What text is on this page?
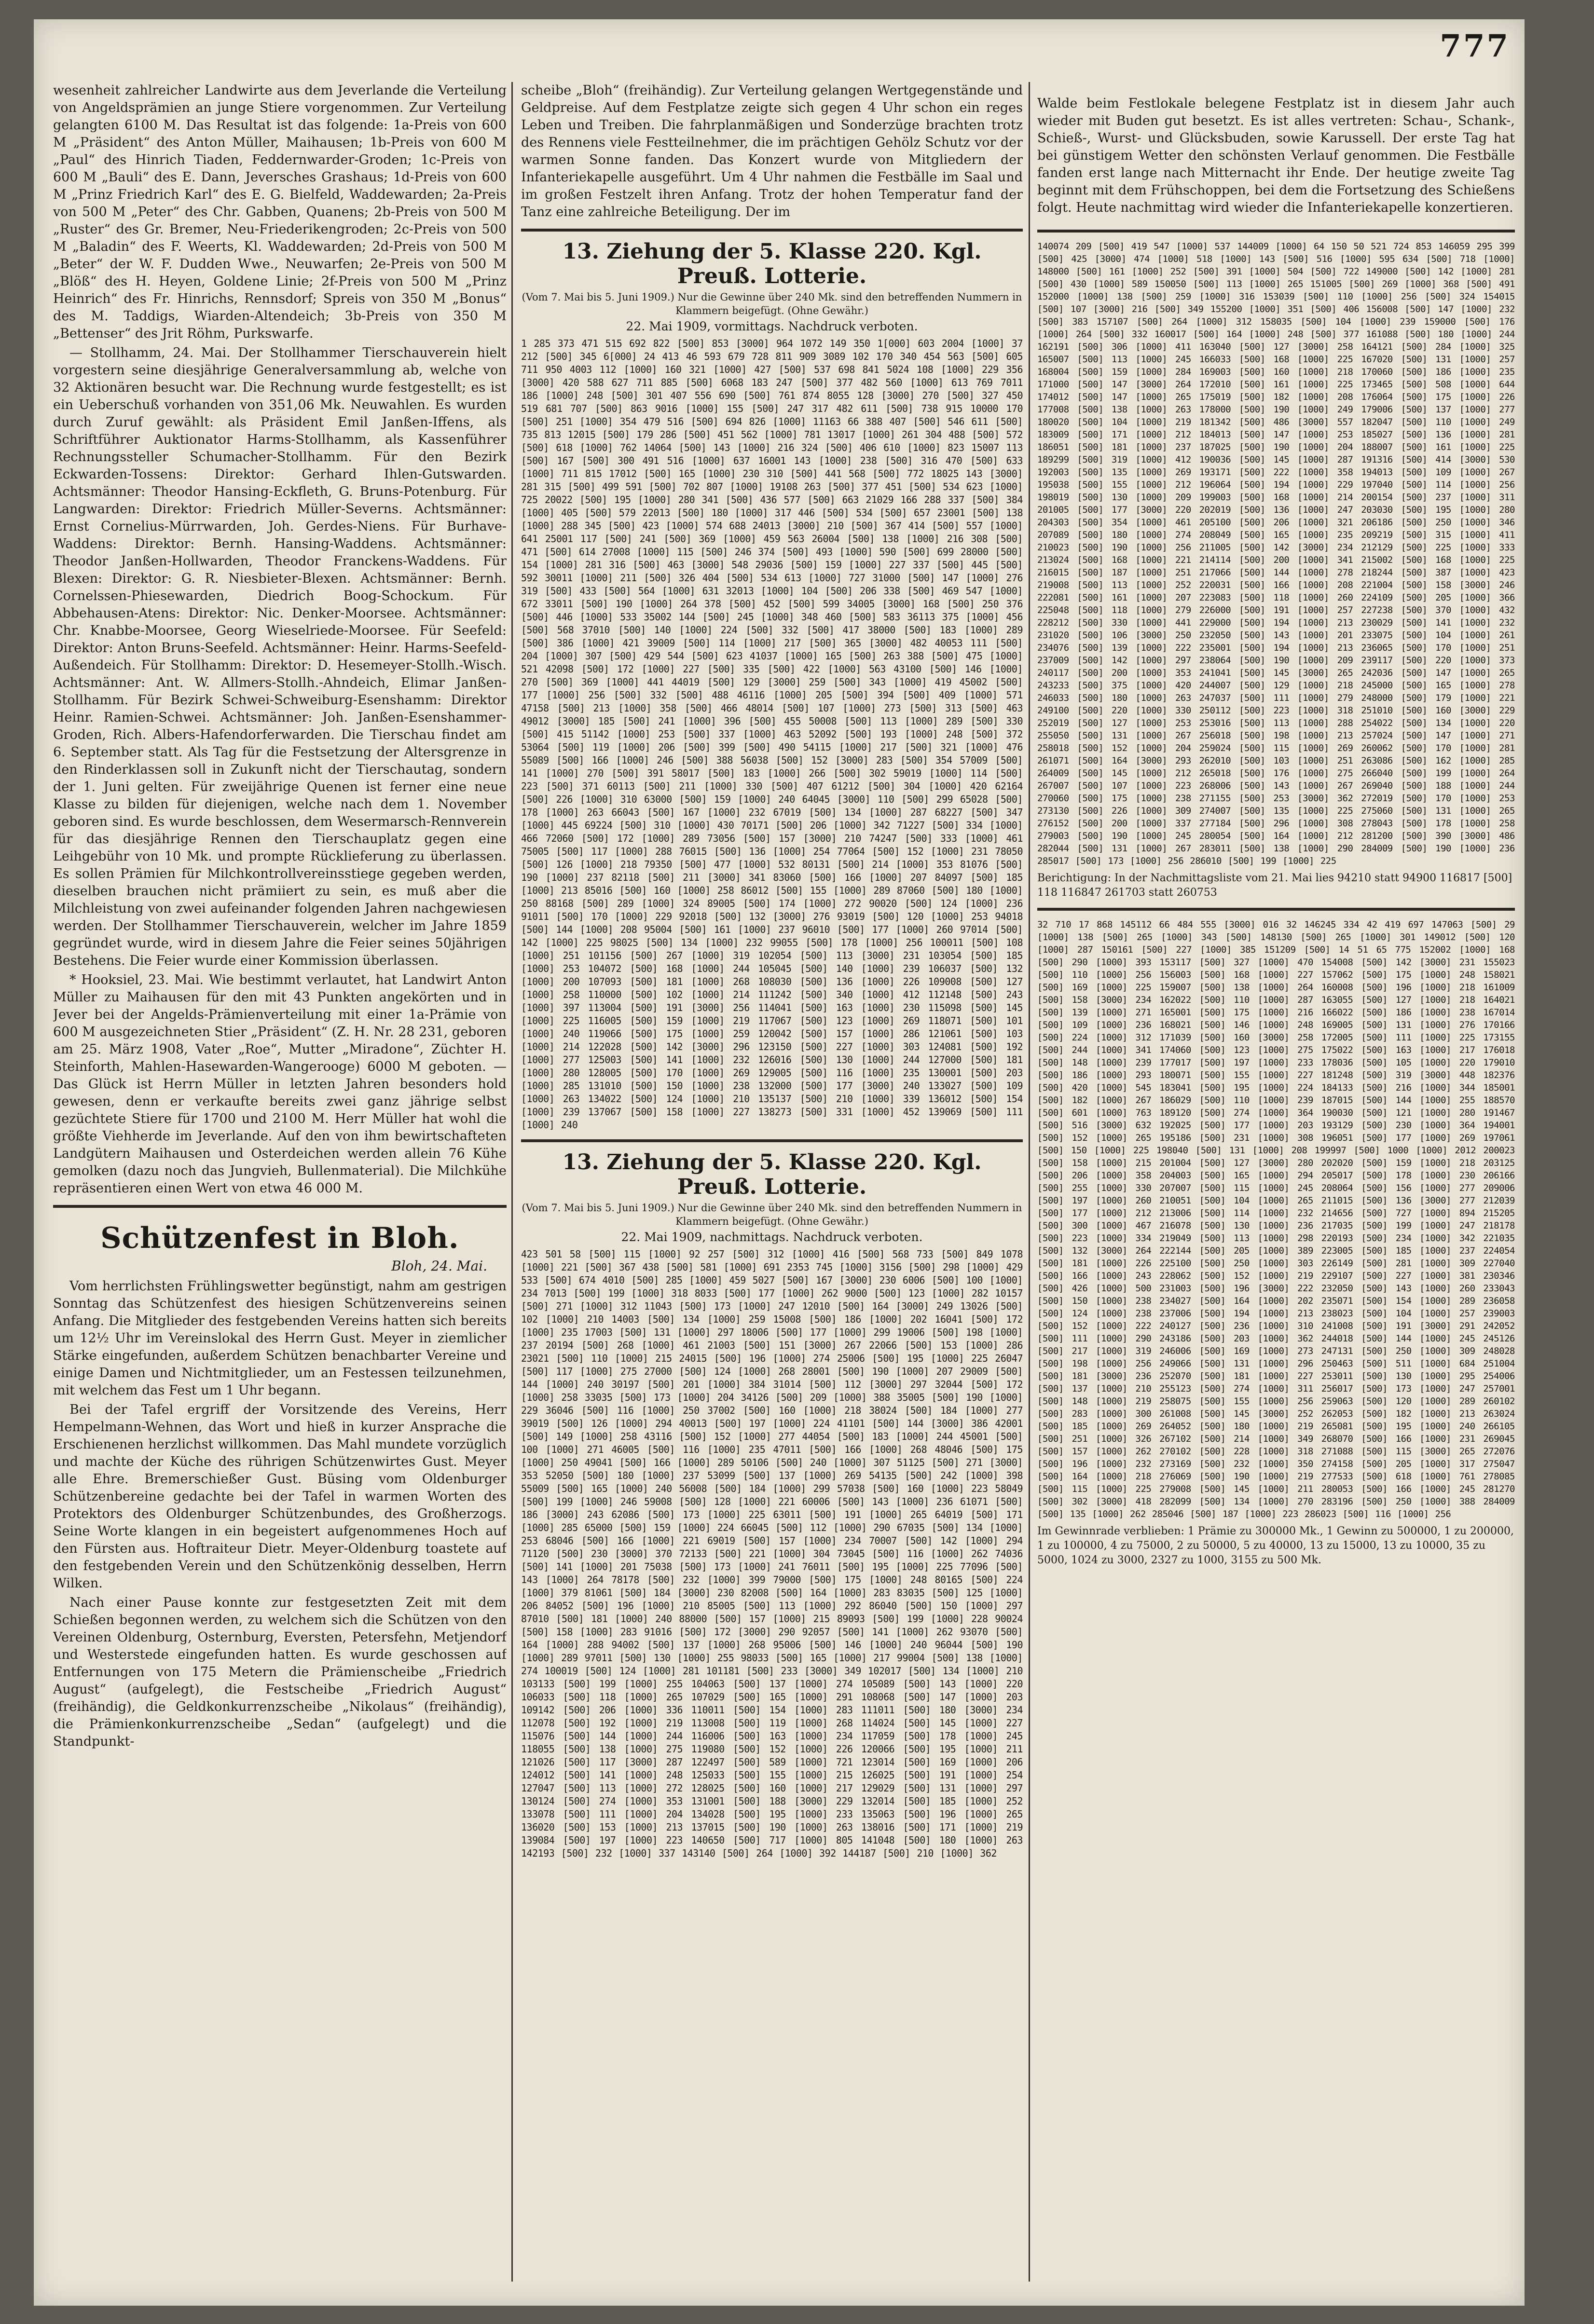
777

wesenheit zahlreicher Landwirte aus dem Jeverlande die Verteilung von Angeldsprämien an junge Stiere vorgenommen. Zur Verteilung gelangten 6100 M. Das Resultat ist das folgende: 1a-Preis von 600 M „Präsident“ des Anton Müller, Maihausen; 1b-Preis von 600 M „Paul“ des Hinrich Tiaden, Feddernwarder-Groden; 1c-Preis von 600 M „Bauli“ des E. Dann, Jeversches Grashaus; 1d-Preis von 600 M „Prinz Friedrich Karl“ des E. G. Bielfeld, Waddewarden; 2a-Preis von 500 M „Peter“ des Chr. Gabben, Quanens; 2b-Preis von 500 M „Ruster“ des Gr. Bremer, Neu-Friederikengroden; 2c-Preis von 500 M „Baladin“ des F. Weerts, Kl. Waddewarden; 2d-Preis von 500 M „Beter“ der W. F. Dudden Wwe., Neuwarfen; 2e-Preis von 500 M „Blöß“ des H. Heyen, Goldene Linie; 2f-Preis von 500 M „Prinz Heinrich“ des Fr. Hinrichs, Rennsdorf; Spreis von 350 M „Bonus“ des M. Taddigs, Wiarden-Altendeich; 3b-Preis von 350 M „Bettenser“ des Jrit Röhm, Purkswarfe.

— Stollhamm, 24. Mai. Der Stollhammer Tierschauverein hielt vorgestern seine diesjährige Generalversammlung ab, welche von 32 Aktionären besucht war. Die Rechnung wurde festgestellt; es ist ein Ueberschuß vorhanden von 351,06 Mk. Neuwahlen. Es wurden durch Zuruf gewählt: als Präsident Emil Janßen-Iffens, als Schriftführer Auktionator Harms-Stollhamm, als Kassenführer Rechnungssteller Schumacher-Stollhamm. Für den Bezirk Eckwarden-Tossens: Direktor: Gerhard Ihlen-Gutswarden. Achtsmänner: Theodor Hansing-Eckfleth, G. Bruns-Potenburg. Für Langwarden: Direktor: Friedrich Müller-Severns. Achtsmänner: Ernst Cornelius-Mürrwarden, Joh. Gerdes-Niens. Für Burhave-Waddens: Direktor: Bernh. Hansing-Waddens. Achtsmänner: Theodor Janßen-Hollwarden, Theodor Franckens-Waddens. Für Blexen: Direktor: G. R. Niesbieter-Blexen. Achtsmänner: Bernh. Cornelssen-Phiesewarden, Diedrich Boog-Schockum. Für Abbehausen-Atens: Direktor: Nic. Denker-Moorsee. Achtsmänner: Chr. Knabbe-Moorsee, Georg Wieselriede-Moorsee. Für Seefeld: Direktor: Anton Bruns-Seefeld. Achtsmänner: Heinr. Harms-Seefeld-Außendeich. Für Stollhamm: Direktor: D. Hesemeyer-Stollh.-Wisch. Achtsmänner: Ant. W. Allmers-Stollh.-Ahndeich, Elimar Janßen-Stollhamm. Für Bezirk Schwei-Schweiburg-Esenshamm: Direktor Heinr. Ramien-Schwei. Achtsmänner: Joh. Janßen-Esenshammer-Groden, Rich. Albers-Hafendorferwarden. Die Tierschau findet am 6. September statt. Als Tag für die Festsetzung der Altersgrenze in den Rinderklassen soll in Zukunft nicht der Tierschautag, sondern der 1. Juni gelten. Für zweijährige Quenen ist ferner eine neue Klasse zu bilden für diejenigen, welche nach dem 1. November geboren sind. Es wurde beschlossen, dem Wesermarsch-Rennverein für das diesjährige Rennen den Tierschauplatz gegen eine Leihgebühr von 10 Mk. und prompte Rücklieferung zu überlassen. Es sollen Prämien für Milchkontrollvereinsstiege gegeben werden, dieselben brauchen nicht prämiiert zu sein, es muß aber die Milchleistung von zwei aufeinander folgenden Jahren nachgewiesen werden. Der Stollhammer Tierschauverein, welcher im Jahre 1859 gegründet wurde, wird in diesem Jahre die Feier seines 50jährigen Bestehens. Die Feier wurde einer Kommission überlassen.

* Hooksiel, 23. Mai. Wie bestimmt verlautet, hat Landwirt Anton Müller zu Maihausen für den mit 43 Punkten angekörten und in Jever bei der Angelds-Prämienverteilung mit einer 1a-Prämie von 600 M ausgezeichneten Stier „Präsident“ (Z. H. Nr. 28 231, geboren am 25. März 1908, Vater „Roe“, Mutter „Miradone“, Züchter H. Steinforth, Mahlen-Hasewarden-Wangerooge) 6000 M geboten. — Das Glück ist Herrn Müller in letzten Jahren besonders hold gewesen, denn er verkaufte bereits zwei ganz jährige selbst gezüchtete Stiere für 1700 und 2100 M. Herr Müller hat wohl die größte Viehherde im Jeverlande. Auf den von ihm bewirtschafteten Landgütern Maihausen und Osterdeichen werden allein 76 Kühe gemolken (dazu noch das Jungvieh, Bullenmaterial). Die Milchkühe repräsentieren einen Wert von etwa 46 000 M.

Schützenfest in Bloh.
Bloh, 24. Mai.

Vom herrlichsten Frühlingswetter begünstigt, nahm am gestrigen Sonntag das Schützenfest des hiesigen Schützenvereins seinen Anfang. Die Mitglieder des festgebenden Vereins hatten sich bereits um 12½ Uhr im Vereinslokal des Herrn Gust. Meyer in ziemlicher Stärke eingefunden, außerdem Schützen benachbarter Vereine und einige Damen und Nichtmitglieder, um an Festessen teilzunehmen, mit welchem das Fest um 1 Uhr begann.

Bei der Tafel ergriff der Vorsitzende des Vereins, Herr Hempelmann-Wehnen, das Wort und hieß in kurzer Ansprache die Erschienenen herzlichst willkommen. Das Mahl mundete vorzüglich und machte der Küche des rührigen Schützenwirtes Gust. Meyer alle Ehre. Bremerschießer Gust. Büsing vom Oldenburger Schützenbereine gedachte bei der Tafel in warmen Worten des Protektors des Oldenburger Schützenbundes, des Großherzogs. Seine Worte klangen in ein begeistert aufgenommenes Hoch auf den Fürsten aus. Hoftraiteur Dietr. Meyer-Oldenburg toastete auf den festgebenden Verein und den Schützenkönig desselben, Herrn Wilken.

Nach einer Pause konnte zur festgesetzten Zeit mit dem Schießen begonnen werden, zu welchem sich die Schützen von den Vereinen Oldenburg, Osternburg, Eversten, Petersfehn, Metjendorf und Westerstede eingefunden hatten. Es wurde geschossen auf Entfernungen von 175 Metern die Prämienscheibe „Friedrich August“ (aufgelegt), die Festscheibe „Friedrich August“ (freihändig), die Geldkonkurrenzscheibe „Nikolaus“ (freihändig), die Prämienkonkurrenzscheibe „Sedan“ (aufgelegt) und die Standpunkt-

scheibe „Bloh“ (freihändig). Zur Verteilung gelangen Wertgegenstände und Geldpreise. Auf dem Festplatze zeigte sich gegen 4 Uhr schon ein reges Leben und Treiben. Die fahrplanmäßigen und Sonderzüge brachten trotz des Rennens viele Festteilnehmer, die im prächtigen Gehölz Schutz vor der warmen Sonne fanden. Das Konzert wurde von Mitgliedern der Infanteriekapelle ausgeführt. Um 4 Uhr nahmen die Festbälle im Saal und im großen Festzelt ihren Anfang. Trotz der hohen Temperatur fand der Tanz eine zahlreiche Beteiligung. Der im

13. Ziehung der 5. Klasse 220. Kgl. Preuß. Lotterie.

(Vom 7. Mai bis 5. Juni 1909.) Nur die Gewinne über 240 Mk. sind den betreffenden Nummern in Klammern beigefügt. (Ohne Gewähr.)

22. Mai 1909, vormittags. Nachdruck verboten.

1 285 373 471 515 692 822 [500] 853 [3000] 964 1072 149 350 1[000] 603 2004 [1000] 37 212 [500] 345 6[000] 24 413 46 593 679 728 811 909 3089 102 170 340 454 563 [500] 605 711 950 4003 112 [1000] 160 321 [1000] 427 [500] 537 698 841 5024 108 [1000] 229 356 [3000] 420 588 627 711 885 [500] 6068 183 247 [500] 377 482 560 [1000] 613 769 7011 186 [1000] 248 [500] 301 407 556 690 [500] 761 874 8055 128 [3000] 270 [500] 327 450 519 681 707 [500] 863 9016 [1000] 155 [500] 247 317 482 611 [500] 738 915 10000 170 [500] 251 [1000] 354 479 516 [500] 694 826 [1000] 11163 66 388 407 [500] 546 611 [500] 735 813 12015 [500] 179 286 [500] 451 562 [1000] 781 13017 [1000] 261 304 488 [500] 572 [500] 618 [1000] 762 14064 [500] 143 [1000] 216 324 [500] 406 610 [1000] 823 15007 113 [500] 167 [500] 300 491 516 [1000] 637 16001 143 [1000] 238 [500] 316 470 [500] 633 [1000] 711 815 17012 [500] 165 [1000] 230 310 [500] 441 568 [500] 772 18025 143 [3000] 281 315 [500] 499 591 [500] 702 807 [1000] 19108 263 [500] 377 451 [500] 534 623 [1000] 725 20022 [500] 195 [1000] 280 341 [500] 436 577 [500] 663 21029 166 288 337 [500] 384 [1000] 405 [500] 579 22013 [500] 180 [1000] 317 446 [500] 534 [500] 657 23001 [500] 138 [1000] 288 345 [500] 423 [1000] 574 688 24013 [3000] 210 [500] 367 414 [500] 557 [1000] 641 25001 117 [500] 241 [500] 369 [1000] 459 563 26004 [500] 138 [1000] 216 308 [500] 471 [500] 614 27008 [1000] 115 [500] 246 374 [500] 493 [1000] 590 [500] 699 28000 [500] 154 [1000] 281 316 [500] 463 [3000] 548 29036 [500] 159 [1000] 227 337 [500] 445 [500] 592 30011 [1000] 211 [500] 326 404 [500] 534 613 [1000] 727 31000 [500] 147 [1000] 276 319 [500] 433 [500] 564 [1000] 631 32013 [1000] 104 [500] 206 338 [500] 469 547 [1000] 672 33011 [500] 190 [1000] 264 378 [500] 452 [500] 599 34005 [3000] 168 [500] 250 376 [500] 446 [1000] 533 35002 144 [500] 245 [1000] 348 460 [500] 583 36113 375 [1000] 456 [500] 568 37010 [500] 140 [1000] 224 [500] 332 [500] 417 38000 [500] 183 [1000] 289 [500] 386 [1000] 421 39009 [500] 114 [1000] 217 [500] 365 [3000] 482 40053 111 [500] 204 [1000] 307 [500] 429 544 [500] 623 41037 [1000] 165 [500] 263 388 [500] 475 [1000] 521 42098 [500] 172 [1000] 227 [500] 335 [500] 422 [1000] 563 43100 [500] 146 [1000] 270 [500] 369 [1000] 441 44019 [500] 129 [3000] 259 [500] 343 [1000] 419 45002 [500] 177 [1000] 256 [500] 332 [500] 488 46116 [1000] 205 [500] 394 [500] 409 [1000] 571 47158 [500] 213 [1000] 358 [500] 466 48014 [500] 107 [1000] 273 [500] 313 [500] 463 49012 [3000] 185 [500] 241 [1000] 396 [500] 455 50008 [500] 113 [1000] 289 [500] 330 [500] 415 51142 [1000] 253 [500] 337 [1000] 463 52092 [500] 193 [1000] 248 [500] 372 53064 [500] 119 [1000] 206 [500] 399 [500] 490 54115 [1000] 217 [500] 321 [1000] 476 55089 [500] 166 [1000] 246 [500] 388 56038 [500] 152 [3000] 283 [500] 354 57009 [500] 141 [1000] 270 [500] 391 58017 [500] 183 [1000] 266 [500] 302 59019 [1000] 114 [500] 223 [500] 371 60113 [500] 211 [1000] 330 [500] 407 61212 [500] 304 [1000] 420 62164 [500] 226 [1000] 310 63000 [500] 159 [1000] 240 64045 [3000] 110 [500] 299 65028 [500] 178 [1000] 263 66043 [500] 167 [1000] 232 67019 [500] 134 [1000] 287 68227 [500] 347 [1000] 445 69224 [500] 310 [1000] 430 70171 [500] 206 [1000] 342 71227 [500] 334 [1000] 466 72060 [500] 172 [1000] 289 73056 [500] 157 [3000] 210 74247 [500] 333 [1000] 461 75005 [500] 117 [1000] 288 76015 [500] 136 [1000] 254 77064 [500] 152 [1000] 231 78050 [500] 126 [1000] 218 79350 [500] 477 [1000] 532 80131 [500] 214 [1000] 353 81076 [500] 190 [1000] 237 82118 [500] 211 [3000] 341 83060 [500] 166 [1000] 207 84097 [500] 185 [1000] 213 85016 [500] 160 [1000] 258 86012 [500] 155 [1000] 289 87060 [500] 180 [1000] 250 88168 [500] 289 [1000] 324 89005 [500] 174 [1000] 272 90020 [500] 124 [1000] 236 91011 [500] 170 [1000] 229 92018 [500] 132 [3000] 276 93019 [500] 120 [1000] 253 94018 [500] 144 [1000] 208 95004 [500] 161 [1000] 237 96010 [500] 177 [1000] 260 97014 [500] 142 [1000] 225 98025 [500] 134 [1000] 232 99055 [500] 178 [1000] 256 100011 [500] 108 [1000] 251 101156 [500] 267 [1000] 319 102054 [500] 113 [3000] 231 103054 [500] 185 [1000] 253 104072 [500] 168 [1000] 244 105045 [500] 140 [1000] 239 106037 [500] 132 [1000] 200 107093 [500] 181 [1000] 268 108030 [500] 136 [1000] 226 109008 [500] 127 [1000] 258 110000 [500] 102 [1000] 214 111242 [500] 340 [1000] 412 112148 [500] 243 [1000] 397 113004 [500] 191 [3000] 256 114041 [500] 163 [1000] 230 115098 [500] 145 [1000] 225 116005 [500] 159 [1000] 219 117067 [500] 123 [1000] 269 118071 [500] 101 [1000] 240 119066 [500] 175 [1000] 259 120042 [500] 157 [1000] 286 121061 [500] 103 [1000] 214 122028 [500] 142 [3000] 296 123150 [500] 227 [1000] 303 124081 [500] 192 [1000] 277 125003 [500] 141 [1000] 232 126016 [500] 130 [1000] 244 127000 [500] 181 [1000] 280 128005 [500] 170 [1000] 269 129005 [500] 116 [1000] 235 130001 [500] 203 [1000] 285 131010 [500] 150 [1000] 238 132000 [500] 177 [3000] 240 133027 [500] 109 [1000] 263 134022 [500] 124 [1000] 210 135137 [500] 210 [1000] 339 136012 [500] 154 [1000] 239 137067 [500] 158 [1000] 227 138273 [500] 331 [1000] 452 139069 [500] 111 [1000] 240

13. Ziehung der 5. Klasse 220. Kgl. Preuß. Lotterie.

(Vom 7. Mai bis 5. Juni 1909.) Nur die Gewinne über 240 Mk. sind den betreffenden Nummern in Klammern beigefügt. (Ohne Gewähr.)

22. Mai 1909, nachmittags. Nachdruck verboten.

423 501 58 [500] 115 [1000] 92 257 [500] 312 [1000] 416 [500] 568 733 [500] 849 1078 [1000] 221 [500] 367 438 [500] 581 [1000] 691 2353 745 [1000] 3156 [500] 298 [1000] 429 533 [500] 674 4010 [500] 285 [1000] 459 5027 [500] 167 [3000] 230 6006 [500] 100 [1000] 234 7013 [500] 199 [1000] 318 8033 [500] 177 [1000] 262 9000 [500] 123 [1000] 282 10157 [500] 271 [1000] 312 11043 [500] 173 [1000] 247 12010 [500] 164 [3000] 249 13026 [500] 102 [1000] 210 14003 [500] 134 [1000] 259 15008 [500] 186 [1000] 202 16041 [500] 172 [1000] 235 17003 [500] 131 [1000] 297 18006 [500] 177 [1000] 299 19006 [500] 198 [1000] 237 20194 [500] 268 [1000] 461 21003 [500] 151 [3000] 267 22066 [500] 153 [1000] 286 23021 [500] 110 [1000] 215 24015 [500] 196 [1000] 274 25006 [500] 195 [1000] 225 26047 [500] 117 [1000] 275 27000 [500] 124 [1000] 268 28001 [500] 190 [1000] 207 29009 [500] 144 [1000] 240 30197 [500] 201 [1000] 384 31014 [500] 112 [3000] 297 32044 [500] 172 [1000] 258 33035 [500] 173 [1000] 204 34126 [500] 209 [1000] 388 35005 [500] 190 [1000] 229 36046 [500] 116 [1000] 250 37002 [500] 160 [1000] 218 38024 [500] 184 [1000] 277 39019 [500] 126 [1000] 294 40013 [500] 197 [1000] 224 41101 [500] 144 [3000] 386 42001 [500] 149 [1000] 258 43116 [500] 152 [1000] 277 44054 [500] 183 [1000] 244 45001 [500] 100 [1000] 271 46005 [500] 116 [1000] 235 47011 [500] 166 [1000] 268 48046 [500] 175 [1000] 250 49041 [500] 166 [1000] 289 50106 [500] 240 [1000] 307 51125 [500] 271 [3000] 353 52050 [500] 180 [1000] 237 53099 [500] 137 [1000] 269 54135 [500] 242 [1000] 398 55009 [500] 165 [1000] 240 56008 [500] 184 [1000] 299 57038 [500] 160 [1000] 223 58049 [500] 199 [1000] 246 59008 [500] 128 [1000] 221 60006 [500] 143 [1000] 236 61071 [500] 186 [3000] 243 62086 [500] 173 [1000] 225 63011 [500] 191 [1000] 265 64019 [500] 171 [1000] 285 65000 [500] 159 [1000] 224 66045 [500] 112 [1000] 290 67035 [500] 134 [1000] 253 68046 [500] 166 [1000] 221 69019 [500] 157 [1000] 234 70007 [500] 142 [1000] 294 71120 [500] 230 [3000] 370 72133 [500] 221 [1000] 304 73045 [500] 116 [1000] 262 74036 [500] 141 [1000] 201 75038 [500] 173 [1000] 241 76011 [500] 195 [1000] 225 77096 [500] 143 [1000] 264 78178 [500] 232 [1000] 399 79000 [500] 175 [1000] 248 80165 [500] 224 [1000] 379 81061 [500] 184 [3000] 230 82008 [500] 164 [1000] 283 83035 [500] 125 [1000] 206 84052 [500] 196 [1000] 210 85005 [500] 113 [1000] 292 86040 [500] 150 [1000] 297 87010 [500] 181 [1000] 240 88000 [500] 157 [1000] 215 89093 [500] 199 [1000] 228 90024 [500] 158 [1000] 283 91016 [500] 172 [3000] 290 92057 [500] 141 [1000] 262 93070 [500] 164 [1000] 288 94002 [500] 137 [1000] 268 95006 [500] 146 [1000] 240 96044 [500] 190 [1000] 289 97011 [500] 130 [1000] 255 98033 [500] 165 [1000] 217 99004 [500] 138 [1000] 274 100019 [500] 124 [1000] 281 101181 [500] 233 [3000] 349 102017 [500] 134 [1000] 210 103133 [500] 199 [1000] 255 104063 [500] 137 [1000] 274 105089 [500] 143 [1000] 220 106033 [500] 118 [1000] 265 107029 [500] 165 [1000] 291 108068 [500] 147 [1000] 203 109142 [500] 206 [1000] 336 110011 [500] 154 [1000] 283 111011 [500] 180 [3000] 234 112078 [500] 192 [1000] 219 113008 [500] 119 [1000] 268 114024 [500] 145 [1000] 227 115076 [500] 144 [1000] 244 116006 [500] 163 [1000] 234 117059 [500] 178 [1000] 245 118055 [500] 138 [1000] 275 119080 [500] 152 [1000] 226 120066 [500] 195 [1000] 211 121026 [500] 117 [3000] 287 122497 [500] 589 [1000] 721 123014 [500] 169 [1000] 206 124012 [500] 141 [1000] 248 125033 [500] 155 [1000] 215 126025 [500] 191 [1000] 254 127047 [500] 113 [1000] 272 128025 [500] 160 [1000] 217 129029 [500] 131 [1000] 297 130124 [500] 274 [1000] 353 131001 [500] 188 [3000] 229 132014 [500] 185 [1000] 252 133078 [500] 111 [1000] 204 134028 [500] 195 [1000] 233 135063 [500] 196 [1000] 265 136020 [500] 153 [1000] 213 137015 [500] 190 [1000] 263 138016 [500] 171 [1000] 219 139084 [500] 197 [1000] 223 140650 [500] 717 [1000] 805 141048 [500] 180 [1000] 263 142193 [500] 232 [1000] 337 143140 [500] 264 [1000] 392 144187 [500] 210 [1000] 362

Walde beim Festlokale belegene Festplatz ist in diesem Jahr auch wieder mit Buden gut besetzt. Es ist alles vertreten: Schau-, Schank-, Schieß-, Wurst- und Glücksbuden, sowie Karussell. Der erste Tag hat bei günstigem Wetter den schönsten Verlauf genommen. Die Festbälle fanden erst lange nach Mitternacht ihr Ende. Der heutige zweite Tag beginnt mit dem Frühschoppen, bei dem die Fortsetzung des Schießens folgt. Heute nachmittag wird wieder die Infanteriekapelle konzertieren.

140074 209 [500] 419 547 [1000] 537 144009 [1000] 64 150 50 521 724 853 146059 295 399 [500] 425 [3000] 474 [1000] 518 [1000] 143 [500] 516 [1000] 595 634 [500] 718 [1000] 148000 [500] 161 [1000] 252 [500] 391 [1000] 504 [500] 722 149000 [500] 142 [1000] 281 [500] 430 [1000] 589 150050 [500] 113 [1000] 265 151005 [500] 269 [1000] 368 [500] 491 152000 [1000] 138 [500] 259 [1000] 316 153039 [500] 110 [1000] 256 [500] 324 154015 [500] 107 [3000] 216 [500] 349 155200 [1000] 351 [500] 406 156008 [500] 147 [1000] 232 [500] 383 157107 [500] 264 [1000] 312 158035 [500] 104 [1000] 239 159000 [500] 176 [1000] 264 [500] 332 160017 [500] 164 [1000] 248 [500] 377 161088 [500] 180 [1000] 244 162191 [500] 306 [1000] 411 163040 [500] 127 [3000] 258 164121 [500] 284 [1000] 325 165007 [500] 113 [1000] 245 166033 [500] 168 [1000] 225 167020 [500] 131 [1000] 257 168004 [500] 159 [1000] 284 169003 [500] 160 [1000] 218 170060 [500] 186 [1000] 235 171000 [500] 147 [3000] 264 172010 [500] 161 [1000] 225 173465 [500] 508 [1000] 644 174012 [500] 147 [1000] 265 175019 [500] 182 [1000] 208 176064 [500] 175 [1000] 226 177008 [500] 138 [1000] 263 178000 [500] 190 [1000] 249 179006 [500] 137 [1000] 277 180020 [500] 104 [1000] 219 181342 [500] 486 [3000] 557 182047 [500] 110 [1000] 249 183009 [500] 171 [1000] 212 184013 [500] 147 [1000] 253 185027 [500] 136 [1000] 281 186051 [500] 181 [1000] 237 187025 [500] 190 [1000] 204 188007 [500] 161 [1000] 225 189299 [500] 319 [1000] 412 190036 [500] 145 [1000] 287 191316 [500] 414 [3000] 530 192003 [500] 135 [1000] 269 193171 [500] 222 [1000] 358 194013 [500] 109 [1000] 267 195038 [500] 155 [1000] 212 196064 [500] 194 [1000] 229 197040 [500] 114 [1000] 256 198019 [500] 130 [1000] 209 199003 [500] 168 [1000] 214 200154 [500] 237 [1000] 311 201005 [500] 177 [3000] 220 202019 [500] 136 [1000] 247 203030 [500] 195 [1000] 280 204303 [500] 354 [1000] 461 205100 [500] 206 [1000] 321 206186 [500] 250 [1000] 346 207089 [500] 180 [1000] 274 208049 [500] 165 [1000] 235 209219 [500] 315 [1000] 411 210023 [500] 190 [1000] 256 211005 [500] 142 [3000] 234 212129 [500] 225 [1000] 333 213024 [500] 168 [1000] 221 214114 [500] 200 [1000] 341 215002 [500] 168 [1000] 225 216015 [500] 187 [1000] 251 217066 [500] 144 [1000] 278 218244 [500] 387 [1000] 423 219008 [500] 113 [1000] 252 220031 [500] 166 [1000] 208 221004 [500] 158 [3000] 246 222081 [500] 161 [1000] 207 223083 [500] 118 [1000] 260 224109 [500] 205 [1000] 366 225048 [500] 118 [1000] 279 226000 [500] 191 [1000] 257 227238 [500] 370 [1000] 432 228212 [500] 330 [1000] 441 229000 [500] 194 [1000] 213 230029 [500] 141 [1000] 232 231020 [500] 106 [3000] 250 232050 [500] 143 [1000] 201 233075 [500] 104 [1000] 261 234076 [500] 139 [1000] 222 235001 [500] 194 [1000] 213 236065 [500] 170 [1000] 251 237009 [500] 142 [1000] 297 238064 [500] 190 [1000] 209 239117 [500] 220 [1000] 373 240117 [500] 200 [1000] 353 241041 [500] 145 [3000] 265 242036 [500] 147 [1000] 265 243233 [500] 375 [1000] 420 244007 [500] 129 [1000] 218 245000 [500] 165 [1000] 278 246033 [500] 180 [1000] 263 247037 [500] 111 [1000] 279 248000 [500] 179 [1000] 221 249100 [500] 220 [1000] 330 250112 [500] 223 [1000] 318 251010 [500] 160 [3000] 229 252019 [500] 127 [1000] 253 253016 [500] 113 [1000] 288 254022 [500] 134 [1000] 220 255050 [500] 131 [1000] 267 256018 [500] 198 [1000] 213 257024 [500] 147 [1000] 271 258018 [500] 152 [1000] 204 259024 [500] 115 [1000] 269 260062 [500] 170 [1000] 281 261071 [500] 164 [3000] 293 262010 [500] 103 [1000] 251 263086 [500] 162 [1000] 285 264009 [500] 145 [1000] 212 265018 [500] 176 [1000] 275 266040 [500] 199 [1000] 264 267007 [500] 107 [1000] 223 268006 [500] 143 [1000] 267 269040 [500] 188 [1000] 244 270060 [500] 175 [1000] 238 271155 [500] 253 [3000] 362 272019 [500] 170 [1000] 253 273130 [500] 226 [1000] 309 274007 [500] 135 [1000] 225 275060 [500] 131 [1000] 265 276152 [500] 200 [1000] 337 277184 [500] 296 [1000] 308 278043 [500] 178 [1000] 258 279003 [500] 190 [1000] 245 280054 [500] 164 [1000] 212 281200 [500] 390 [3000] 486 282044 [500] 131 [1000] 267 283011 [500] 138 [1000] 290 284009 [500] 190 [1000] 236 285017 [500] 173 [1000] 256 286010 [500] 199 [1000] 225

Berichtigung: In der Nachmittagsliste vom 21. Mai lies 94210 statt 94900 116817 [500] 118 116847 261703 statt 260753

32 710 17 868 145112 66 484 555 [3000] 016 32 146245 334 42 419 697 147063 [500] 29 [1000] 138 [500] 265 [1000] 343 [500] 148130 [500] 265 [1000] 301 149012 [500] 120 [1000] 287 150161 [500] 227 [1000] 385 151209 [500] 14 51 65 775 152002 [1000] 168 [500] 290 [1000] 393 153117 [500] 327 [1000] 470 154008 [500] 142 [3000] 231 155023 [500] 110 [1000] 256 156003 [500] 168 [1000] 227 157062 [500] 175 [1000] 248 158021 [500] 169 [1000] 225 159007 [500] 138 [1000] 264 160008 [500] 196 [1000] 218 161009 [500] 158 [3000] 234 162022 [500] 110 [1000] 287 163055 [500] 127 [1000] 218 164021 [500] 139 [1000] 271 165001 [500] 175 [1000] 216 166022 [500] 186 [1000] 238 167014 [500] 109 [1000] 236 168021 [500] 146 [1000] 248 169005 [500] 131 [1000] 276 170166 [500] 224 [1000] 312 171039 [500] 160 [3000] 258 172005 [500] 111 [1000] 225 173155 [500] 244 [1000] 341 174060 [500] 123 [1000] 275 175022 [500] 163 [1000] 217 176018 [500] 148 [1000] 239 177017 [500] 197 [1000] 233 178036 [500] 105 [1000] 220 179010 [500] 186 [1000] 293 180071 [500] 155 [1000] 227 181248 [500] 319 [3000] 448 182376 [500] 420 [1000] 545 183041 [500] 195 [1000] 224 184133 [500] 216 [1000] 344 185001 [500] 182 [1000] 267 186029 [500] 110 [1000] 239 187015 [500] 144 [1000] 255 188570 [500] 601 [1000] 763 189120 [500] 274 [1000] 364 190030 [500] 121 [1000] 280 191467 [500] 516 [3000] 632 192025 [500] 177 [1000] 203 193129 [500] 230 [1000] 364 194001 [500] 152 [1000] 265 195186 [500] 231 [1000] 308 196051 [500] 177 [1000] 269 197061 [500] 150 [1000] 225 198040 [500] 131 [1000] 208 199997 [500] 1000 [1000] 2012 200023 [500] 158 [1000] 215 201004 [500] 127 [3000] 280 202020 [500] 159 [1000] 218 203125 [500] 206 [1000] 358 204003 [500] 165 [1000] 294 205017 [500] 178 [1000] 230 206166 [500] 255 [1000] 330 207007 [500] 115 [1000] 245 208064 [500] 156 [1000] 277 209006 [500] 197 [1000] 260 210051 [500] 104 [1000] 265 211015 [500] 136 [3000] 277 212039 [500] 177 [1000] 212 213006 [500] 114 [1000] 232 214656 [500] 727 [1000] 894 215205 [500] 300 [1000] 467 216078 [500] 130 [1000] 236 217035 [500] 199 [1000] 247 218178 [500] 223 [1000] 334 219049 [500] 113 [1000] 298 220193 [500] 234 [1000] 342 221035 [500] 132 [3000] 264 222144 [500] 205 [1000] 389 223005 [500] 185 [1000] 237 224054 [500] 181 [1000] 226 225100 [500] 250 [1000] 303 226149 [500] 281 [1000] 309 227040 [500] 166 [1000] 243 228062 [500] 152 [1000] 219 229107 [500] 227 [1000] 381 230346 [500] 426 [1000] 500 231003 [500] 196 [3000] 222 232050 [500] 143 [1000] 260 233043 [500] 150 [1000] 238 234027 [500] 164 [1000] 202 235071 [500] 154 [1000] 289 236058 [500] 124 [1000] 238 237006 [500] 194 [1000] 213 238023 [500] 104 [1000] 257 239003 [500] 152 [1000] 222 240127 [500] 236 [1000] 310 241008 [500] 191 [3000] 291 242052 [500] 111 [1000] 290 243186 [500] 203 [1000] 362 244018 [500] 144 [1000] 245 245126 [500] 217 [1000] 319 246006 [500] 169 [1000] 273 247131 [500] 250 [1000] 309 248028 [500] 198 [1000] 256 249066 [500] 131 [1000] 296 250463 [500] 511 [1000] 684 251004 [500] 181 [3000] 236 252070 [500] 181 [1000] 227 253011 [500] 130 [1000] 295 254006 [500] 137 [1000] 210 255123 [500] 274 [1000] 311 256017 [500] 173 [1000] 247 257001 [500] 148 [1000] 219 258075 [500] 155 [1000] 256 259063 [500] 120 [1000] 289 260102 [500] 283 [1000] 300 261008 [500] 145 [3000] 252 262053 [500] 182 [1000] 213 263024 [500] 185 [1000] 269 264052 [500] 180 [1000] 219 265081 [500] 195 [1000] 240 266105 [500] 251 [1000] 326 267102 [500] 214 [1000] 349 268070 [500] 166 [1000] 231 269045 [500] 157 [1000] 262 270102 [500] 228 [1000] 318 271088 [500] 115 [3000] 265 272076 [500] 196 [1000] 232 273169 [500] 232 [1000] 350 274158 [500] 205 [1000] 317 275047 [500] 164 [1000] 218 276069 [500] 190 [1000] 219 277533 [500] 618 [1000] 761 278085 [500] 115 [1000] 225 279008 [500] 145 [1000] 211 280053 [500] 166 [1000] 245 281270 [500] 302 [3000] 418 282099 [500] 134 [1000] 270 283196 [500] 250 [1000] 388 284009 [500] 135 [1000] 262 285046 [500] 187 [1000] 223 286023 [500] 116 [1000] 256

Im Gewinnrade verblieben: 1 Prämie zu 300000 Mk., 1 Gewinn zu 500000, 1 zu 200000, 1 zu 100000, 4 zu 75000, 2 zu 50000, 5 zu 40000, 13 zu 15000, 13 zu 10000, 35 zu 5000, 1024 zu 3000, 2327 zu 1000, 3155 zu 500 Mk.
